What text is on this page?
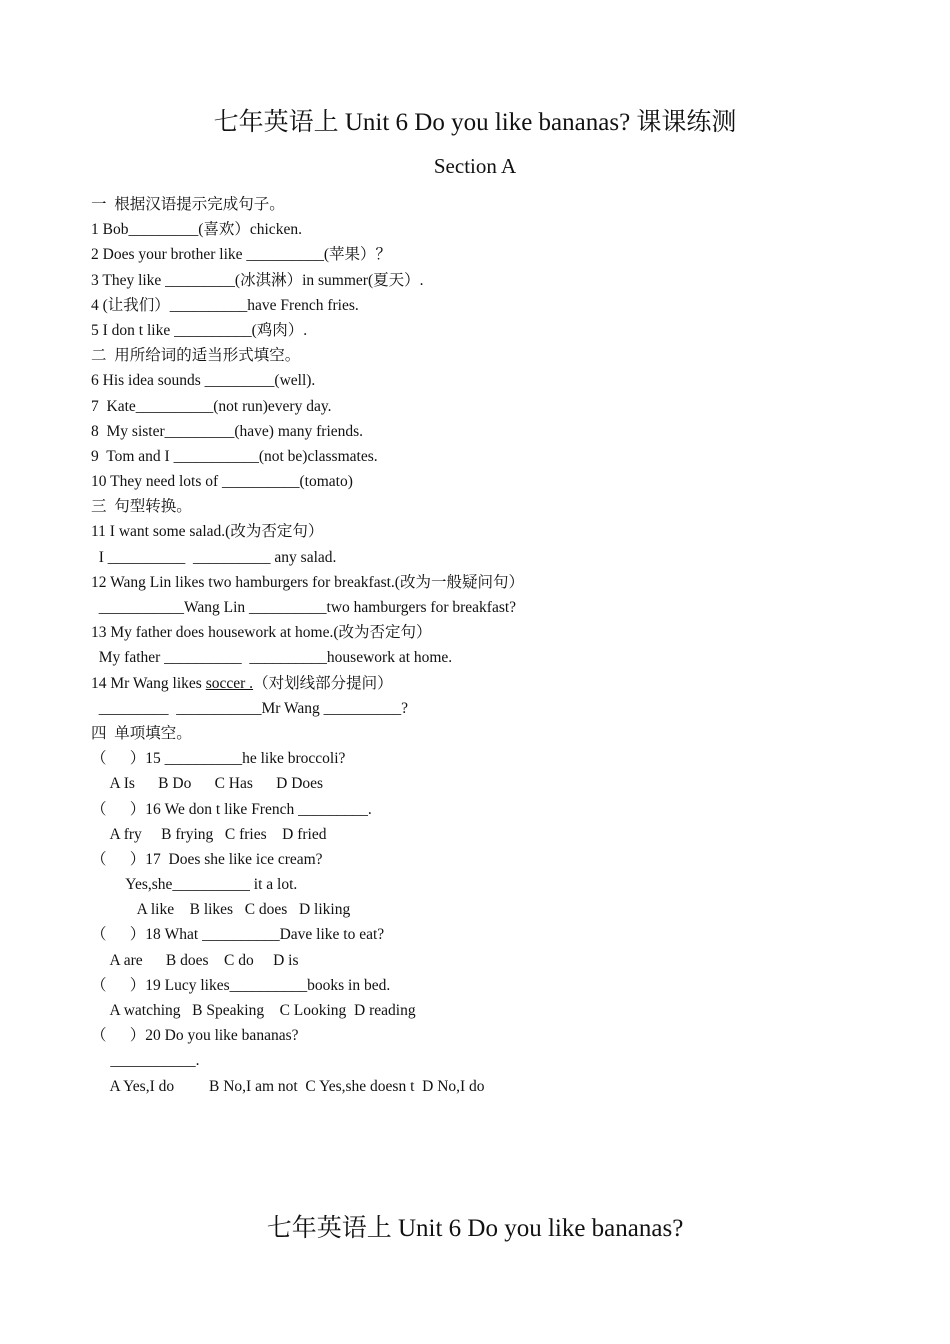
七年英语上 Unit 6 Do you like bananas? 课课练测
Section A
一  根据汉语提示完成句子。
1 Bob_________(喜欢）chicken.
2 Does your brother like __________(苹果）？
3 They like _________(冰淇淋）in summer(夏天）.
4 (让我们）__________have French fries.
5 I don t like __________(鸡肉）.
二  用所给词的适当形式填空。
6 His idea sounds _________(well).
7  Kate__________(not run)every day.
8  My sister_________(have) many friends.
9  Tom and I ___________(not be)classmates.
10 They need lots of __________(tomato)
三  句型转换。
11 I want some salad.(改为否定句）
I __________  __________ any salad.
12 Wang Lin likes two hamburgers for breakfast.(改为一般疑问句）
___________Wang Lin __________two hamburgers for breakfast?
13 My father does housework at home.(改为否定句）
My father __________  __________housework at home.
14 Mr Wang likes soccer .（对划线部分提问）
_________  ___________Mr Wang __________?
四  单项填空。
（      ）15 __________he like broccoli?
A Is      B Do      C Has      D Does
（      ）16 We don t like French _________.
A fry     B frying   C fries    D fried
（      ）17  Does she like ice cream?
Yes,she__________ it a lot.
A like    B likes   C does   D liking
（      ）18 What __________Dave like to eat?
A are      B does    C do     D is
（      ）19 Lucy likes__________books in bed.
A watching   B Speaking    C Looking  D reading
（      ）20 Do you like bananas?
___________.
A Yes,I do         B No,I am not  C Yes,she doesn t  D No,I do
七年英语上 Unit 6 Do you like bananas?
